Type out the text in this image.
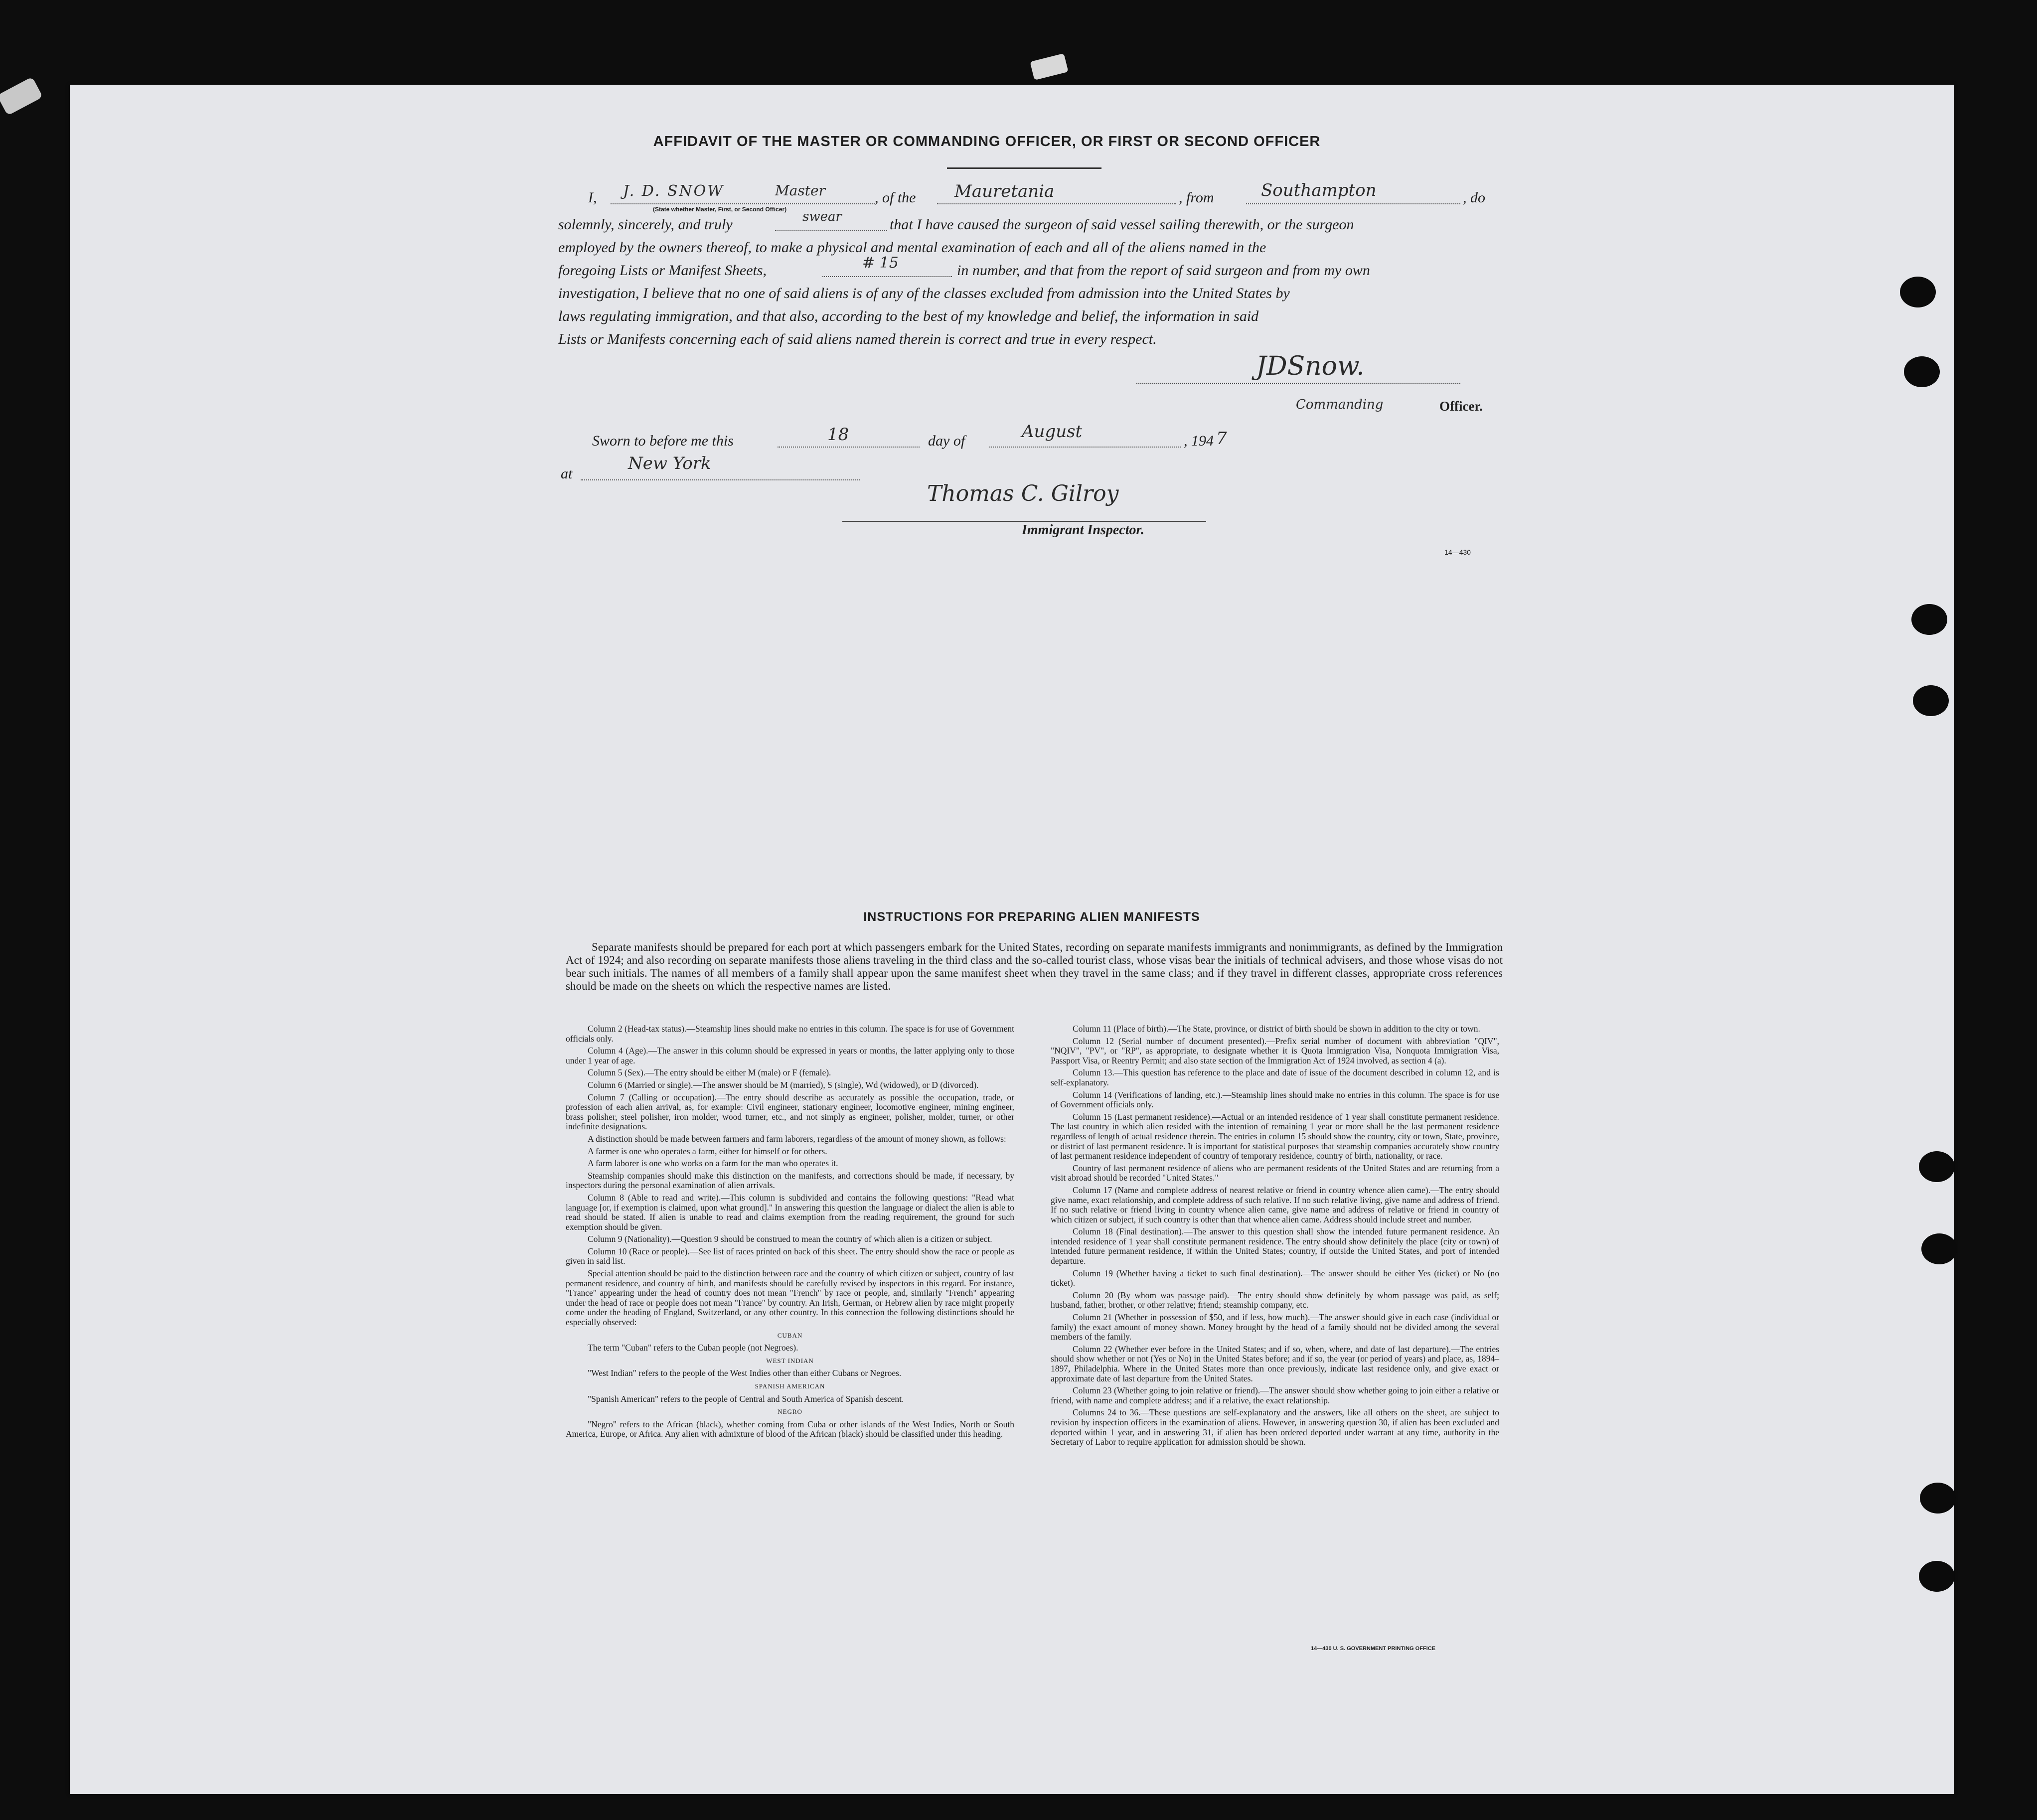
AFFIDAVIT OF THE MASTER OR COMMANDING OFFICER, OR FIRST OR SECOND OFFICER
I, J. D. SNOW	Master
(State whether Master, First, or Second Officer)
, of the Mauretania	, from	Southampton	, do
solemnly, sincerely, and truly	swear	that I have caused the surgeon of said vessel sailing therewith, or the surgeon
employed by the owners thereof, to make a physical and mental examination of each and all of the aliens named in the
foregoing Lists or Manifest Sheets,	# 15	in number, and that from the report of said surgeon and from my own
investigation, I believe that no one of said aliens is of any of the classes excluded from admission into the United States by
laws regulating immigration, and that also, according to the best of my knowledge and belief, the information in said
Lists or Manifests concerning each of said aliens named therein is correct and true in every respect.
JDSnow.
Commanding	Officer.
Sworn to before me this	18	day of	August	, 194 7
at
New York
Thomas C. Gilroy
Immigrant Inspector.
14—430
INSTRUCTIONS FOR PREPARING ALIEN MANIFESTS

Separate manifests should be prepared for each port at which passengers embark for the United States, recording on separate manifests immigrants and nonimmigrants, as defined by the Immigration Act of 1924; and also recording on separate manifests those aliens traveling in the third class and the so-called tourist class, whose visas bear the initials of technical advisers, and those whose visas do not bear such initials. The names of all members of a family shall appear upon the same manifest sheet when they travel in the same class; and if they travel in different classes, appropriate cross references should be made on the sheets on which the respective names are listed.

Column 2 (Head-tax status).—Steamship lines should make no entries in this column. The space is for use of Government officials only.

Column 4 (Age).—The answer in this column should be expressed in years or months, the latter applying only to those under 1 year of age.

Column 5 (Sex).—The entry should be either M (male) or F (female).

Column 6 (Married or single).—The answer should be M (married), S (single), Wd (widowed), or D (divorced).

Column 7 (Calling or occupation).—The entry should describe as accurately as possible the occupation, trade, or profession of each alien arrival, as, for example: Civil engineer, stationary engineer, locomotive engineer, mining engineer, brass polisher, steel polisher, iron molder, wood turner, etc., and not simply as engineer, polisher, molder, turner, or other indefinite designations.

A distinction should be made between farmers and farm laborers, regardless of the amount of money shown, as follows:

A farmer is one who operates a farm, either for himself or for others.

A farm laborer is one who works on a farm for the man who operates it.

Steamship companies should make this distinction on the manifests, and corrections should be made, if necessary, by inspectors during the personal examination of alien arrivals.

Column 8 (Able to read and write).—This column is subdivided and contains the following questions: "Read what language [or, if exemption is claimed, upon what ground]." In answering this question the language or dialect the alien is able to read should be stated. If alien is unable to read and claims exemption from the reading requirement, the ground for such exemption should be given.

Column 9 (Nationality).—Question 9 should be construed to mean the country of which alien is a citizen or subject.

Column 10 (Race or people).—See list of races printed on back of this sheet. The entry should show the race or people as given in said list.

Special attention should be paid to the distinction between race and the country of which citizen or subject, country of last permanent residence, and country of birth, and manifests should be carefully revised by inspectors in this regard. For instance, "France" appearing under the head of country does not mean "French" by race or people, and, similarly "French" appearing under the head of race or people does not mean "France" by country. An Irish, German, or Hebrew alien by race might properly come under the heading of England, Switzerland, or any other country. In this connection the following distinctions should be especially observed:

CUBAN

The term "Cuban" refers to the Cuban people (not Negroes).

WEST INDIAN

"West Indian" refers to the people of the West Indies other than either Cubans or Negroes.

SPANISH AMERICAN

"Spanish American" refers to the people of Central and South America of Spanish descent.

NEGRO

"Negro" refers to the African (black), whether coming from Cuba or other islands of the West Indies, North or South America, Europe, or Africa. Any alien with admixture of blood of the African (black) should be classified under this heading.

Column 11 (Place of birth).—The State, province, or district of birth should be shown in addition to the city or town.

Column 12 (Serial number of document presented).—Prefix serial number of document with abbreviation "QIV", "NQIV", "PV", or "RP", as appropriate, to designate whether it is Quota Immigration Visa, Nonquota Immigration Visa, Passport Visa, or Reentry Permit; and also state section of the Immigration Act of 1924 involved, as section 4 (a).

Column 13.—This question has reference to the place and date of issue of the document described in column 12, and is self-explanatory.

Column 14 (Verifications of landing, etc.).—Steamship lines should make no entries in this column. The space is for use of Government officials only.

Column 15 (Last permanent residence).—Actual or an intended residence of 1 year shall constitute permanent residence. The last country in which alien resided with the intention of remaining 1 year or more shall be the last permanent residence regardless of length of actual residence therein. The entries in column 15 should show the country, city or town, State, province, or district of last permanent residence. It is important for statistical purposes that steamship companies accurately show country of last permanent residence independent of country of temporary residence, country of birth, nationality, or race.

Country of last permanent residence of aliens who are permanent residents of the United States and are returning from a visit abroad should be recorded "United States."

Column 17 (Name and complete address of nearest relative or friend in country whence alien came).—The entry should give name, exact relationship, and complete address of such relative. If no such relative living, give name and address of friend. If no such relative or friend living in country whence alien came, give name and address of relative or friend in country of which citizen or subject, if such country is other than that whence alien came. Address should include street and number.

Column 18 (Final destination).—The answer to this question shall show the intended future permanent residence. An intended residence of 1 year shall constitute permanent residence. The entry should show definitely the place (city or town) of intended future permanent residence, if within the United States; country, if outside the United States, and port of intended departure.

Column 19 (Whether having a ticket to such final destination).—The answer should be either Yes (ticket) or No (no ticket).

Column 20 (By whom was passage paid).—The entry should show definitely by whom passage was paid, as self; husband, father, brother, or other relative; friend; steamship company, etc.

Column 21 (Whether in possession of $50, and if less, how much).—The answer should give in each case (individual or family) the exact amount of money shown. Money brought by the head of a family should not be divided among the several members of the family.

Column 22 (Whether ever before in the United States; and if so, when, where, and date of last departure).—The entries should show whether or not (Yes or No) in the United States before; and if so, the year (or period of years) and place, as, 1894–1897, Philadelphia. Where in the United States more than once previously, indicate last residence only, and give exact or approximate date of last departure from the United States.

Column 23 (Whether going to join relative or friend).—The answer should show whether going to join either a relative or friend, with name and complete address; and if a relative, the exact relationship.

Columns 24 to 36.—These questions are self-explanatory and the answers, like all others on the sheet, are subject to revision by inspection officers in the examination of aliens. However, in answering question 30, if alien has been excluded and deported within 1 year, and in answering 31, if alien has been ordered deported under warrant at any time, authority in the Secretary of Labor to require application for admission should be shown.

14—430 U. S. GOVERNMENT PRINTING OFFICE
